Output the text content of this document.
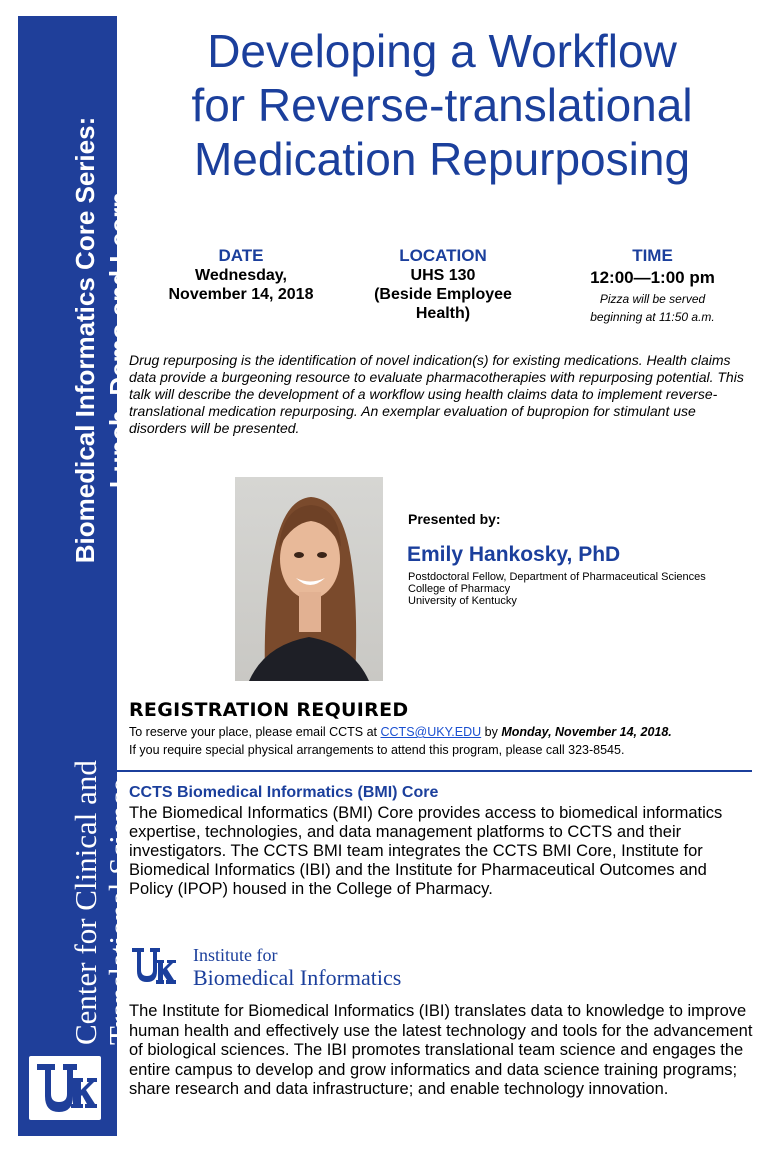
Biomedical Informatics Core Series: Lunch, Demo and Learn
Center for Clinical and Translational Science
Developing a Workflow
for Reverse-translational
Medication Repurposing
DATE
Wednesday,
November 14, 2018
LOCATION
UHS 130
(Beside Employee
Health)
TIME
12:00—1:00 pm
Pizza will be served
beginning at 11:50 a.m.
Drug repurposing is the identification of novel indication(s) for existing medications. Health claims data provide a burgeoning resource to evaluate pharmacotherapies with repurposing potential. This talk will describe the development of a workflow using health claims data to implement reverse-translational medication repurposing. An exemplar evaluation of bupropion for stimulant use disorders will be presented.
Presented by:
Emily Hankosky, PhD
Postdoctoral Fellow, Department of Pharmaceutical Sciences
College of Pharmacy
University of Kentucky
REGISTRATION REQUIRED
To reserve your place, please email CCTS at CCTS@UKY.EDU by Monday, November 14, 2018.
If you require special physical arrangements to attend this program, please call 323-8545.
CCTS Biomedical Informatics (BMI) Core
The Biomedical Informatics (BMI) Core provides access to biomedical informatics expertise, technologies, and data management platforms to CCTS and their investigators. The CCTS BMI team integrates the CCTS BMI Core, Institute for Biomedical Informatics (IBI) and the Institute for Pharmaceutical Outcomes and Policy (IPOP) housed in the College of Pharmacy.
Institute for
Biomedical Informatics
The Institute for Biomedical Informatics (IBI) translates data to knowledge to improve human health and effectively use the latest technology and tools for the advancement of biological sciences. The IBI promotes translational team science and engages the entire campus to develop and grow informatics and data science training programs; share research and data infrastructure; and enable technology innovation.
